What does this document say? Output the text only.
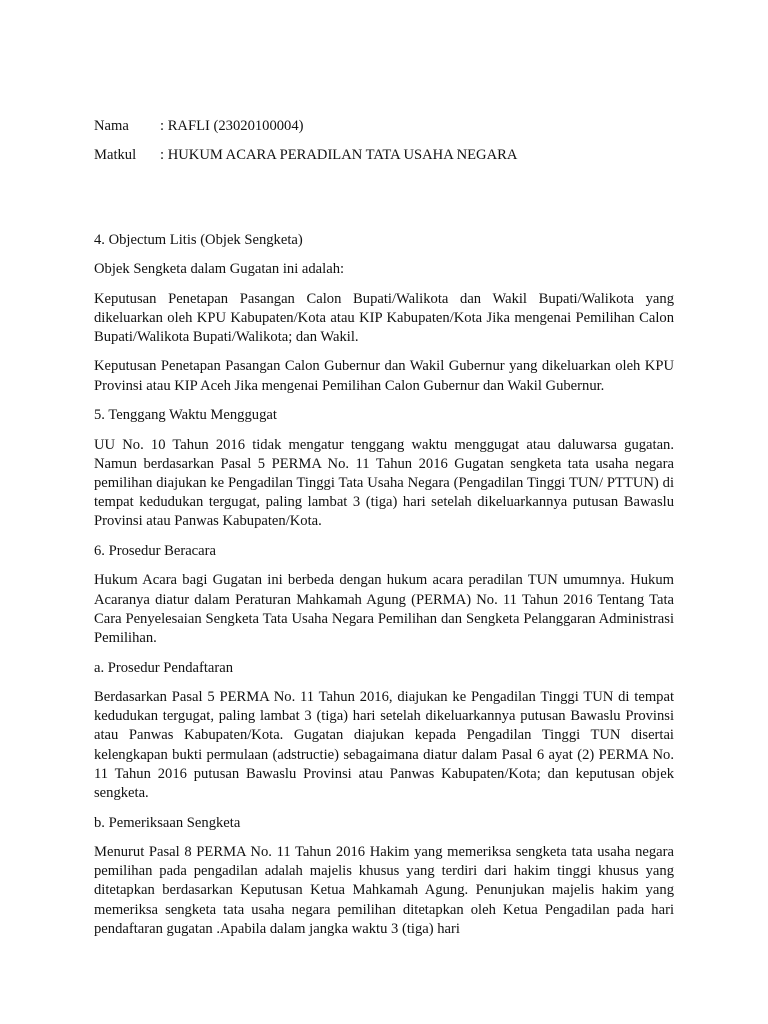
Nama	: RAFLI (23020100004)
Matkul	: HUKUM ACARA PERADILAN TATA USAHA NEGARA

4. Objectum Litis (Objek Sengketa)

Objek Sengketa dalam Gugatan ini adalah:

Keputusan Penetapan Pasangan Calon Bupati/Walikota dan Wakil Bupati/Walikota yang dikeluarkan oleh KPU Kabupaten/Kota atau KIP Kabupaten/Kota Jika mengenai Pemilihan Calon Bupati/Walikota Bupati/Walikota; dan Wakil.

Keputusan Penetapan Pasangan Calon Gubernur dan Wakil Gubernur yang dikeluarkan oleh KPU Provinsi atau KIP Aceh Jika mengenai Pemilihan Calon Gubernur dan Wakil Gubernur.

5. Tenggang Waktu Menggugat

UU No. 10 Tahun 2016 tidak mengatur tenggang waktu menggugat atau daluwarsa gugatan. Namun berdasarkan Pasal 5 PERMA No. 11 Tahun 2016 Gugatan sengketa tata usaha negara pemilihan diajukan ke Pengadilan Tinggi Tata Usaha Negara (Pengadilan Tinggi TUN/ PTTUN) di tempat kedudukan tergugat, paling lambat 3 (tiga) hari setelah dikeluarkannya putusan Bawaslu Provinsi atau Panwas Kabupaten/Kota.

6. Prosedur Beracara

Hukum Acara bagi Gugatan ini berbeda dengan hukum acara peradilan TUN umumnya. Hukum Acaranya diatur dalam Peraturan Mahkamah Agung (PERMA) No. 11 Tahun 2016 Tentang Tata Cara Penyelesaian Sengketa Tata Usaha Negara Pemilihan dan Sengketa Pelanggaran Administrasi Pemilihan.

a. Prosedur Pendaftaran

Berdasarkan Pasal 5 PERMA No. 11 Tahun 2016, diajukan ke Pengadilan Tinggi TUN di tempat kedudukan tergugat, paling lambat 3 (tiga) hari setelah dikeluarkannya putusan Bawaslu Provinsi atau Panwas Kabupaten/Kota. Gugatan diajukan kepada Pengadilan Tinggi TUN disertai kelengkapan bukti permulaan (adstructie) sebagaimana diatur dalam Pasal 6 ayat (2) PERMA No. 11 Tahun 2016 putusan Bawaslu Provinsi atau Panwas Kabupaten/Kota; dan keputusan objek sengketa.

b. Pemeriksaan Sengketa

Menurut Pasal 8 PERMA No. 11 Tahun 2016 Hakim yang memeriksa sengketa tata usaha negara pemilihan pada pengadilan adalah majelis khusus yang terdiri dari hakim tinggi khusus yang ditetapkan berdasarkan Keputusan Ketua Mahkamah Agung. Penunjukan majelis hakim yang memeriksa sengketa tata usaha negara pemilihan ditetapkan oleh Ketua Pengadilan pada hari pendaftaran gugatan .Apabila dalam jangka waktu 3 (tiga) hari
